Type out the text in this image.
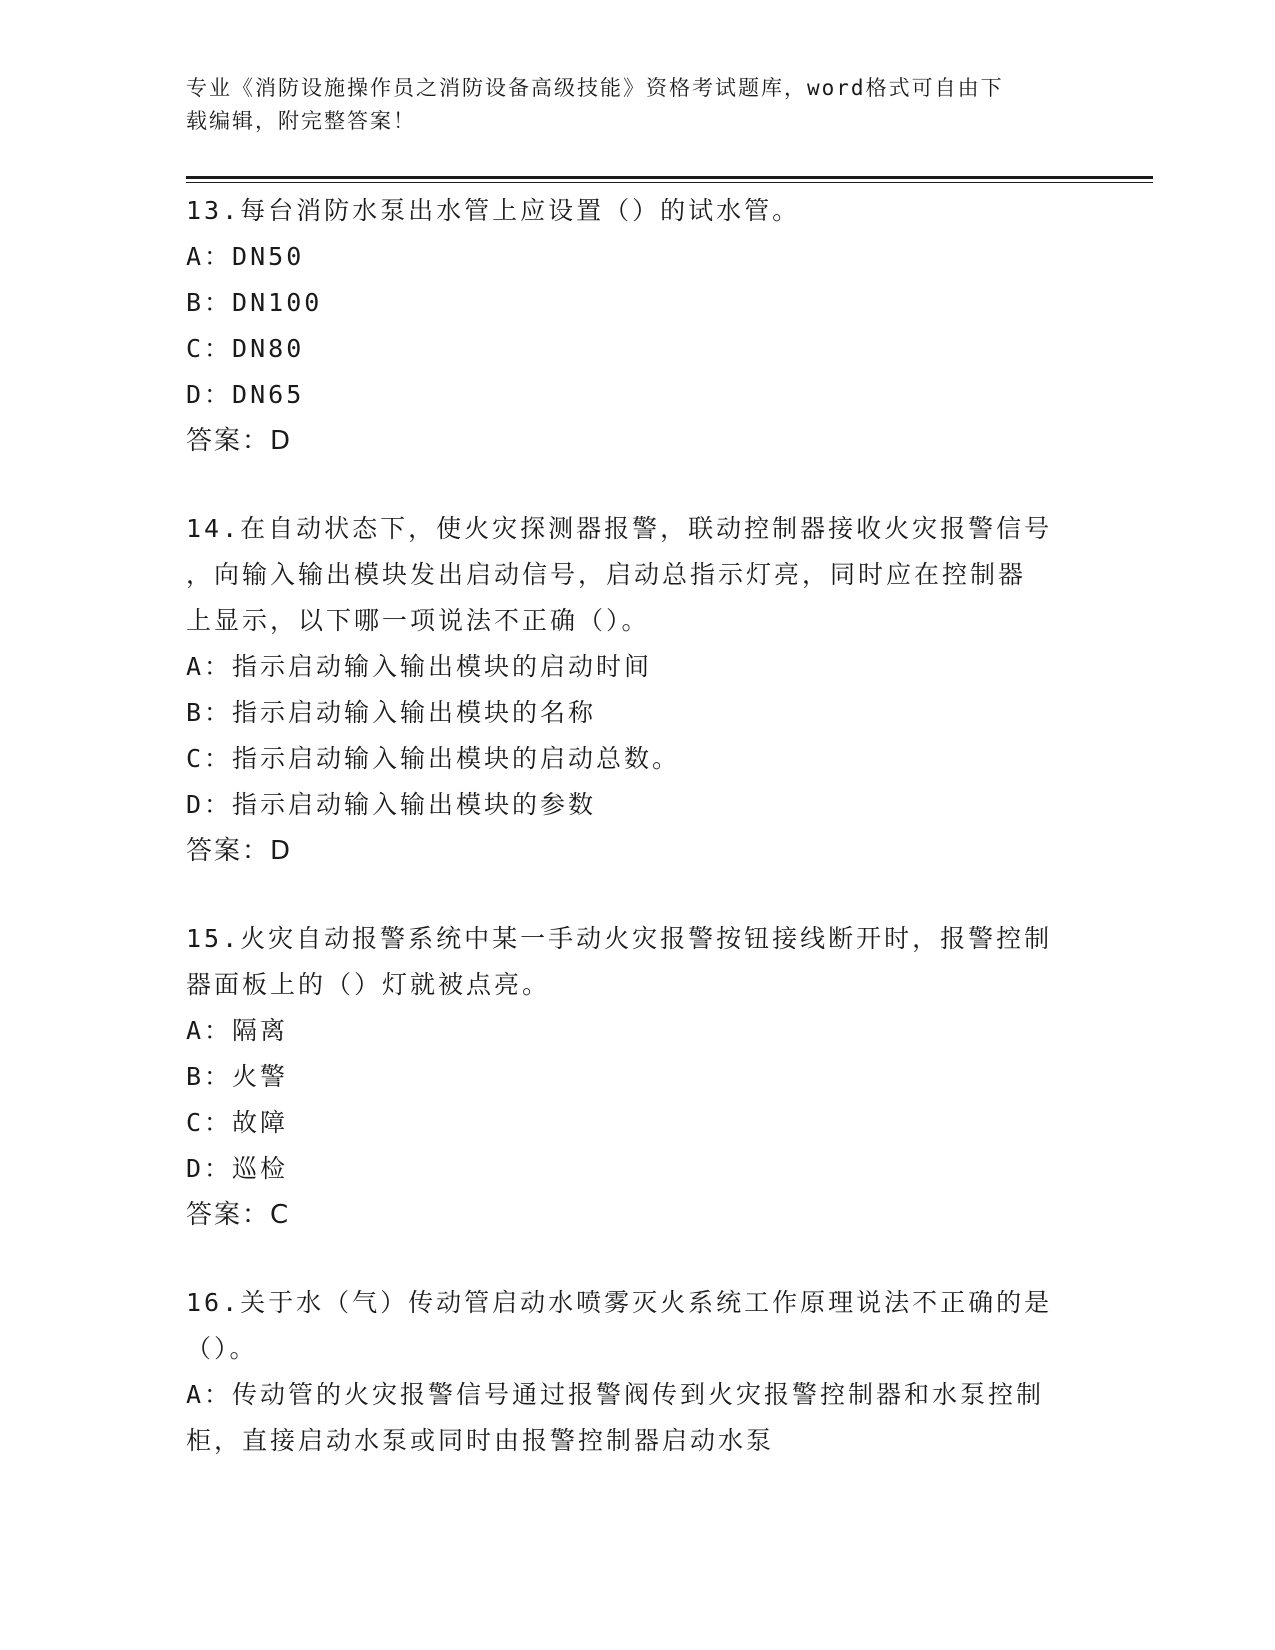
专业《消防设施操作员之消防设备高级技能》资格考试题库，word格式可自由下
载编辑，附完整答案！
13.每台消防水泵出水管上应设置（）的试水管。
A：DN50
B：DN100
C：DN80
D：DN65
答案：D
14.在自动状态下，使火灾探测器报警，联动控制器接收火灾报警信号
，向输入输出模块发出启动信号，启动总指示灯亮，同时应在控制器
上显示，以下哪一项说法不正确（）。
A：指示启动输入输出模块的启动时间
B：指示启动输入输出模块的名称
C：指示启动输入输出模块的启动总数。
D：指示启动输入输出模块的参数
答案：D
15.火灾自动报警系统中某一手动火灾报警按钮接线断开时，报警控制
器面板上的（）灯就被点亮。
A：隔离
B：火警
C：故障
D：巡检
答案：C
16.关于水（气）传动管启动水喷雾灭火系统工作原理说法不正确的是
（）。
A：传动管的火灾报警信号通过报警阀传到火灾报警控制器和水泵控制
柜，直接启动水泵或同时由报警控制器启动水泵
